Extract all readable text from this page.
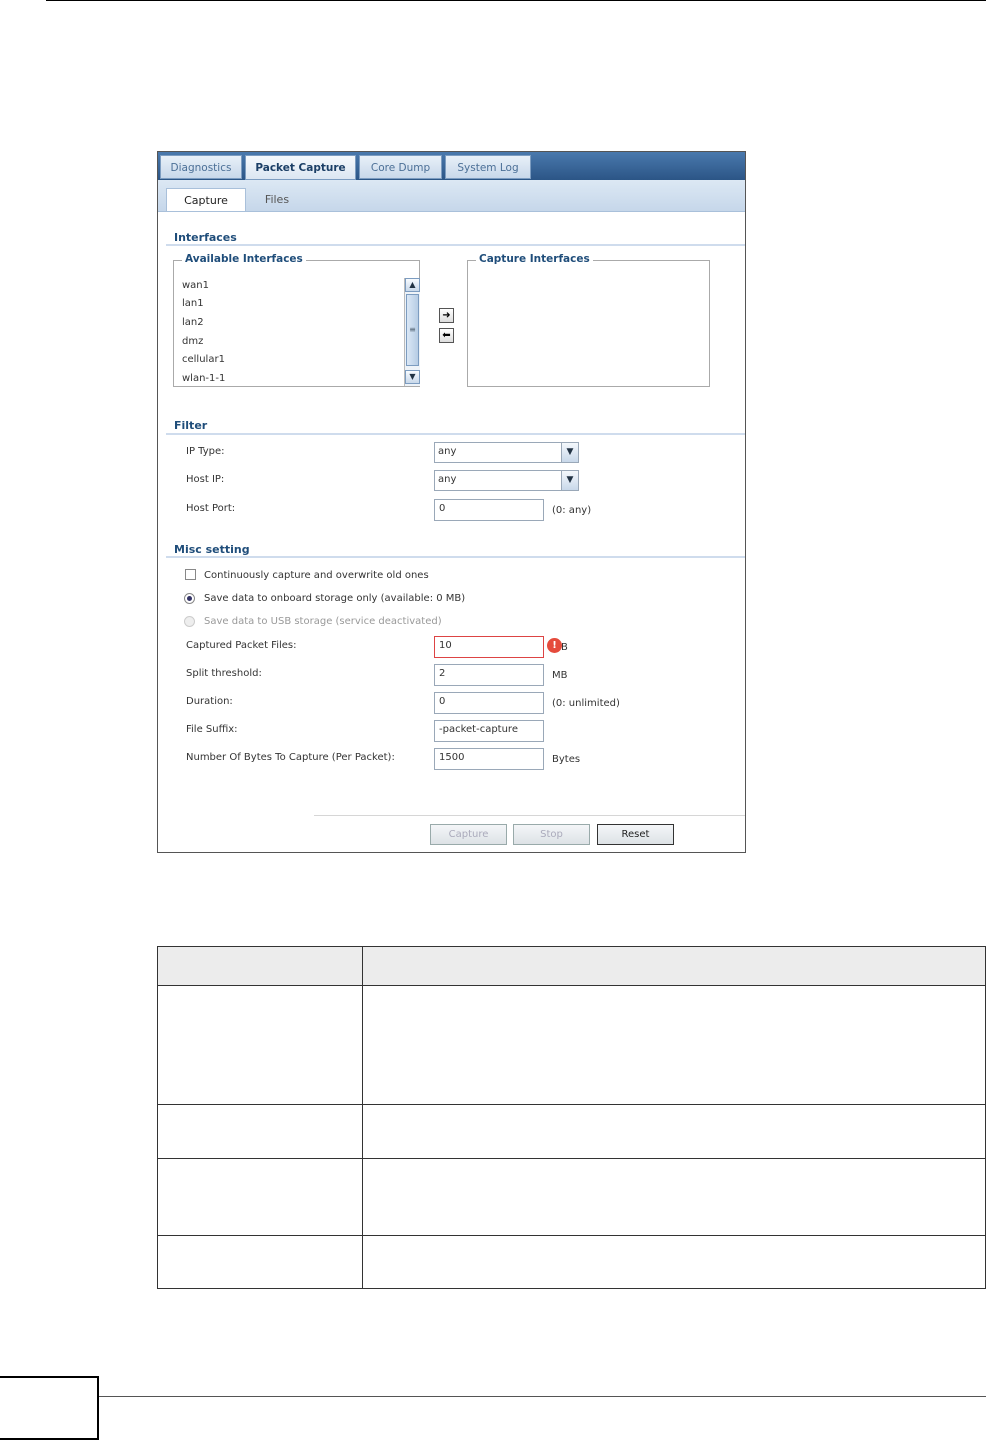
Diagnostics	Packet Capture	Core Dump	System Log
Capture	Files
Interfaces
Available Interfaces
wan1
lan1
lan2
dmz
cellular1
wlan-1-1
▲
≡
▼
➜
⬅
Capture Interfaces
Filter
IP Type:	any	▼
Host IP:	any	▼
Host Port:	0	(0: any)
Misc setting
Continuously capture and overwrite old ones
Save data to onboard storage only (available: 0 MB)
Save data to USB storage (service deactivated)
Captured Packet Files:	10	! B
Split threshold:	2	MB
Duration:	0	(0: unlimited)
File Suffix:	-packet-capture
Number Of Bytes To Capture (Per Packet):	1500	Bytes
Capture	Stop	Reset
